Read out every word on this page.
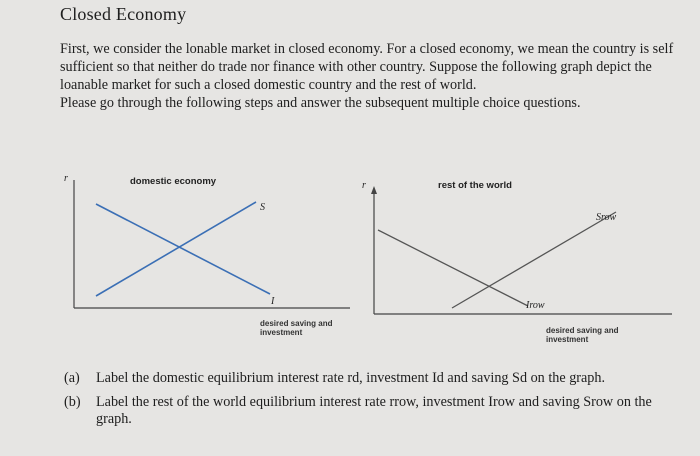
Closed Economy

First, we consider the lonable market in closed economy. For a closed economy, we mean the country is self sufficient so that neither do trade nor finance with other country. Suppose the following graph depict the loanable market for such a closed domestic country and the rest of world.

Please go through the following steps and answer the subsequent multiple choice questions.

r	domestic economy
S
I
desired saving and
investment
r	rest of the world
Srow
Irow
desired saving and
investment
(a)	Label the domestic equilibrium interest rate rd, investment Id and saving Sd on the graph.
(b)	Label the rest of the world equilibrium interest rate rrow, investment Irow and saving Srow on the graph.
